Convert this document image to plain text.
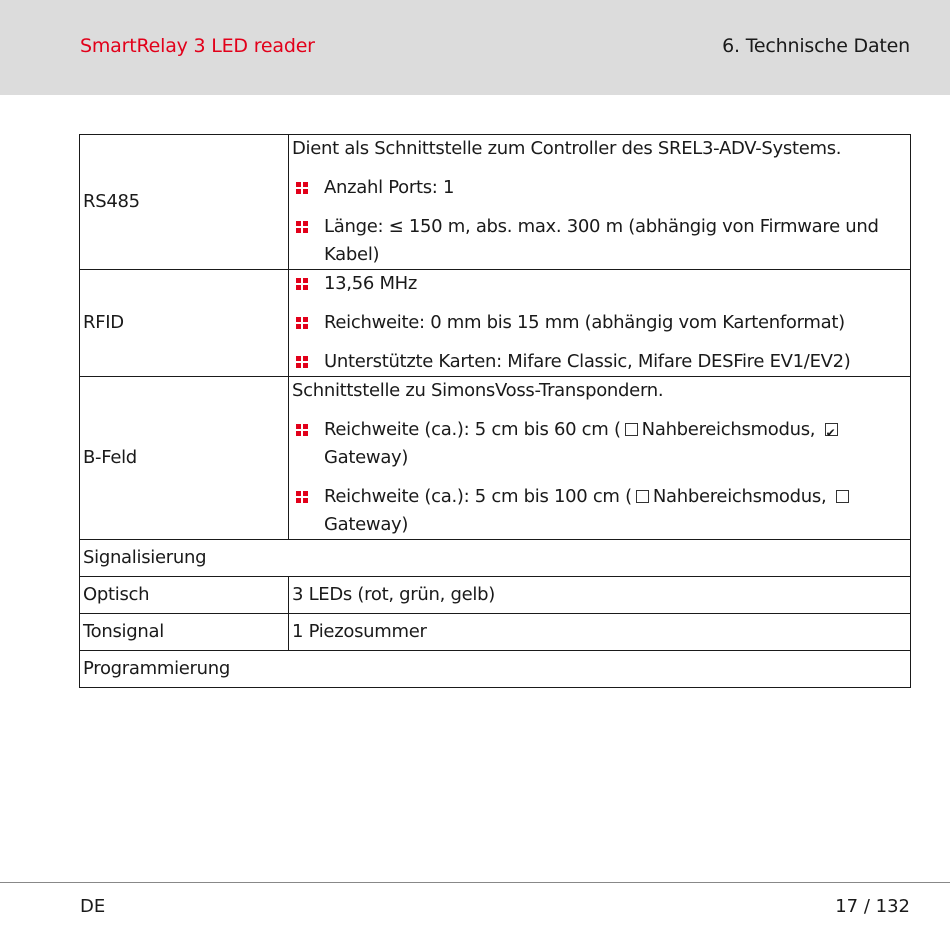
SmartRelay 3 LED reader	6. Technische Daten
RS485	Dient als Schnittstelle zum Controller des SREL3-ADV-Systems.
Anzahl Ports: 1
Länge: ≤ 150 m, abs. max. 300 m (abhängig von Firmware und Kabel)

RFID	13,56 MHz
Reichweite: 0 mm bis 15 mm (abhängig vom Kartenformat)
Unterstützte Karten: Mifare Classic, Mifare DESFire EV1/EV2)

B-Feld	Schnittstelle zu SimonsVoss-Transpondern.
Reichweite (ca.): 5 cm bis 60 cm ( Nahbereichsmodus, ✔Gateway)
Reichweite (ca.): 5 cm bis 100 cm ( Nahbereichsmodus, Gateway)

Signalisierung	
Optisch	3 LEDs (rot, grün, gelb)
Tonsignal	1 Piezosummer
Programmierung	
DE	17 / 132
